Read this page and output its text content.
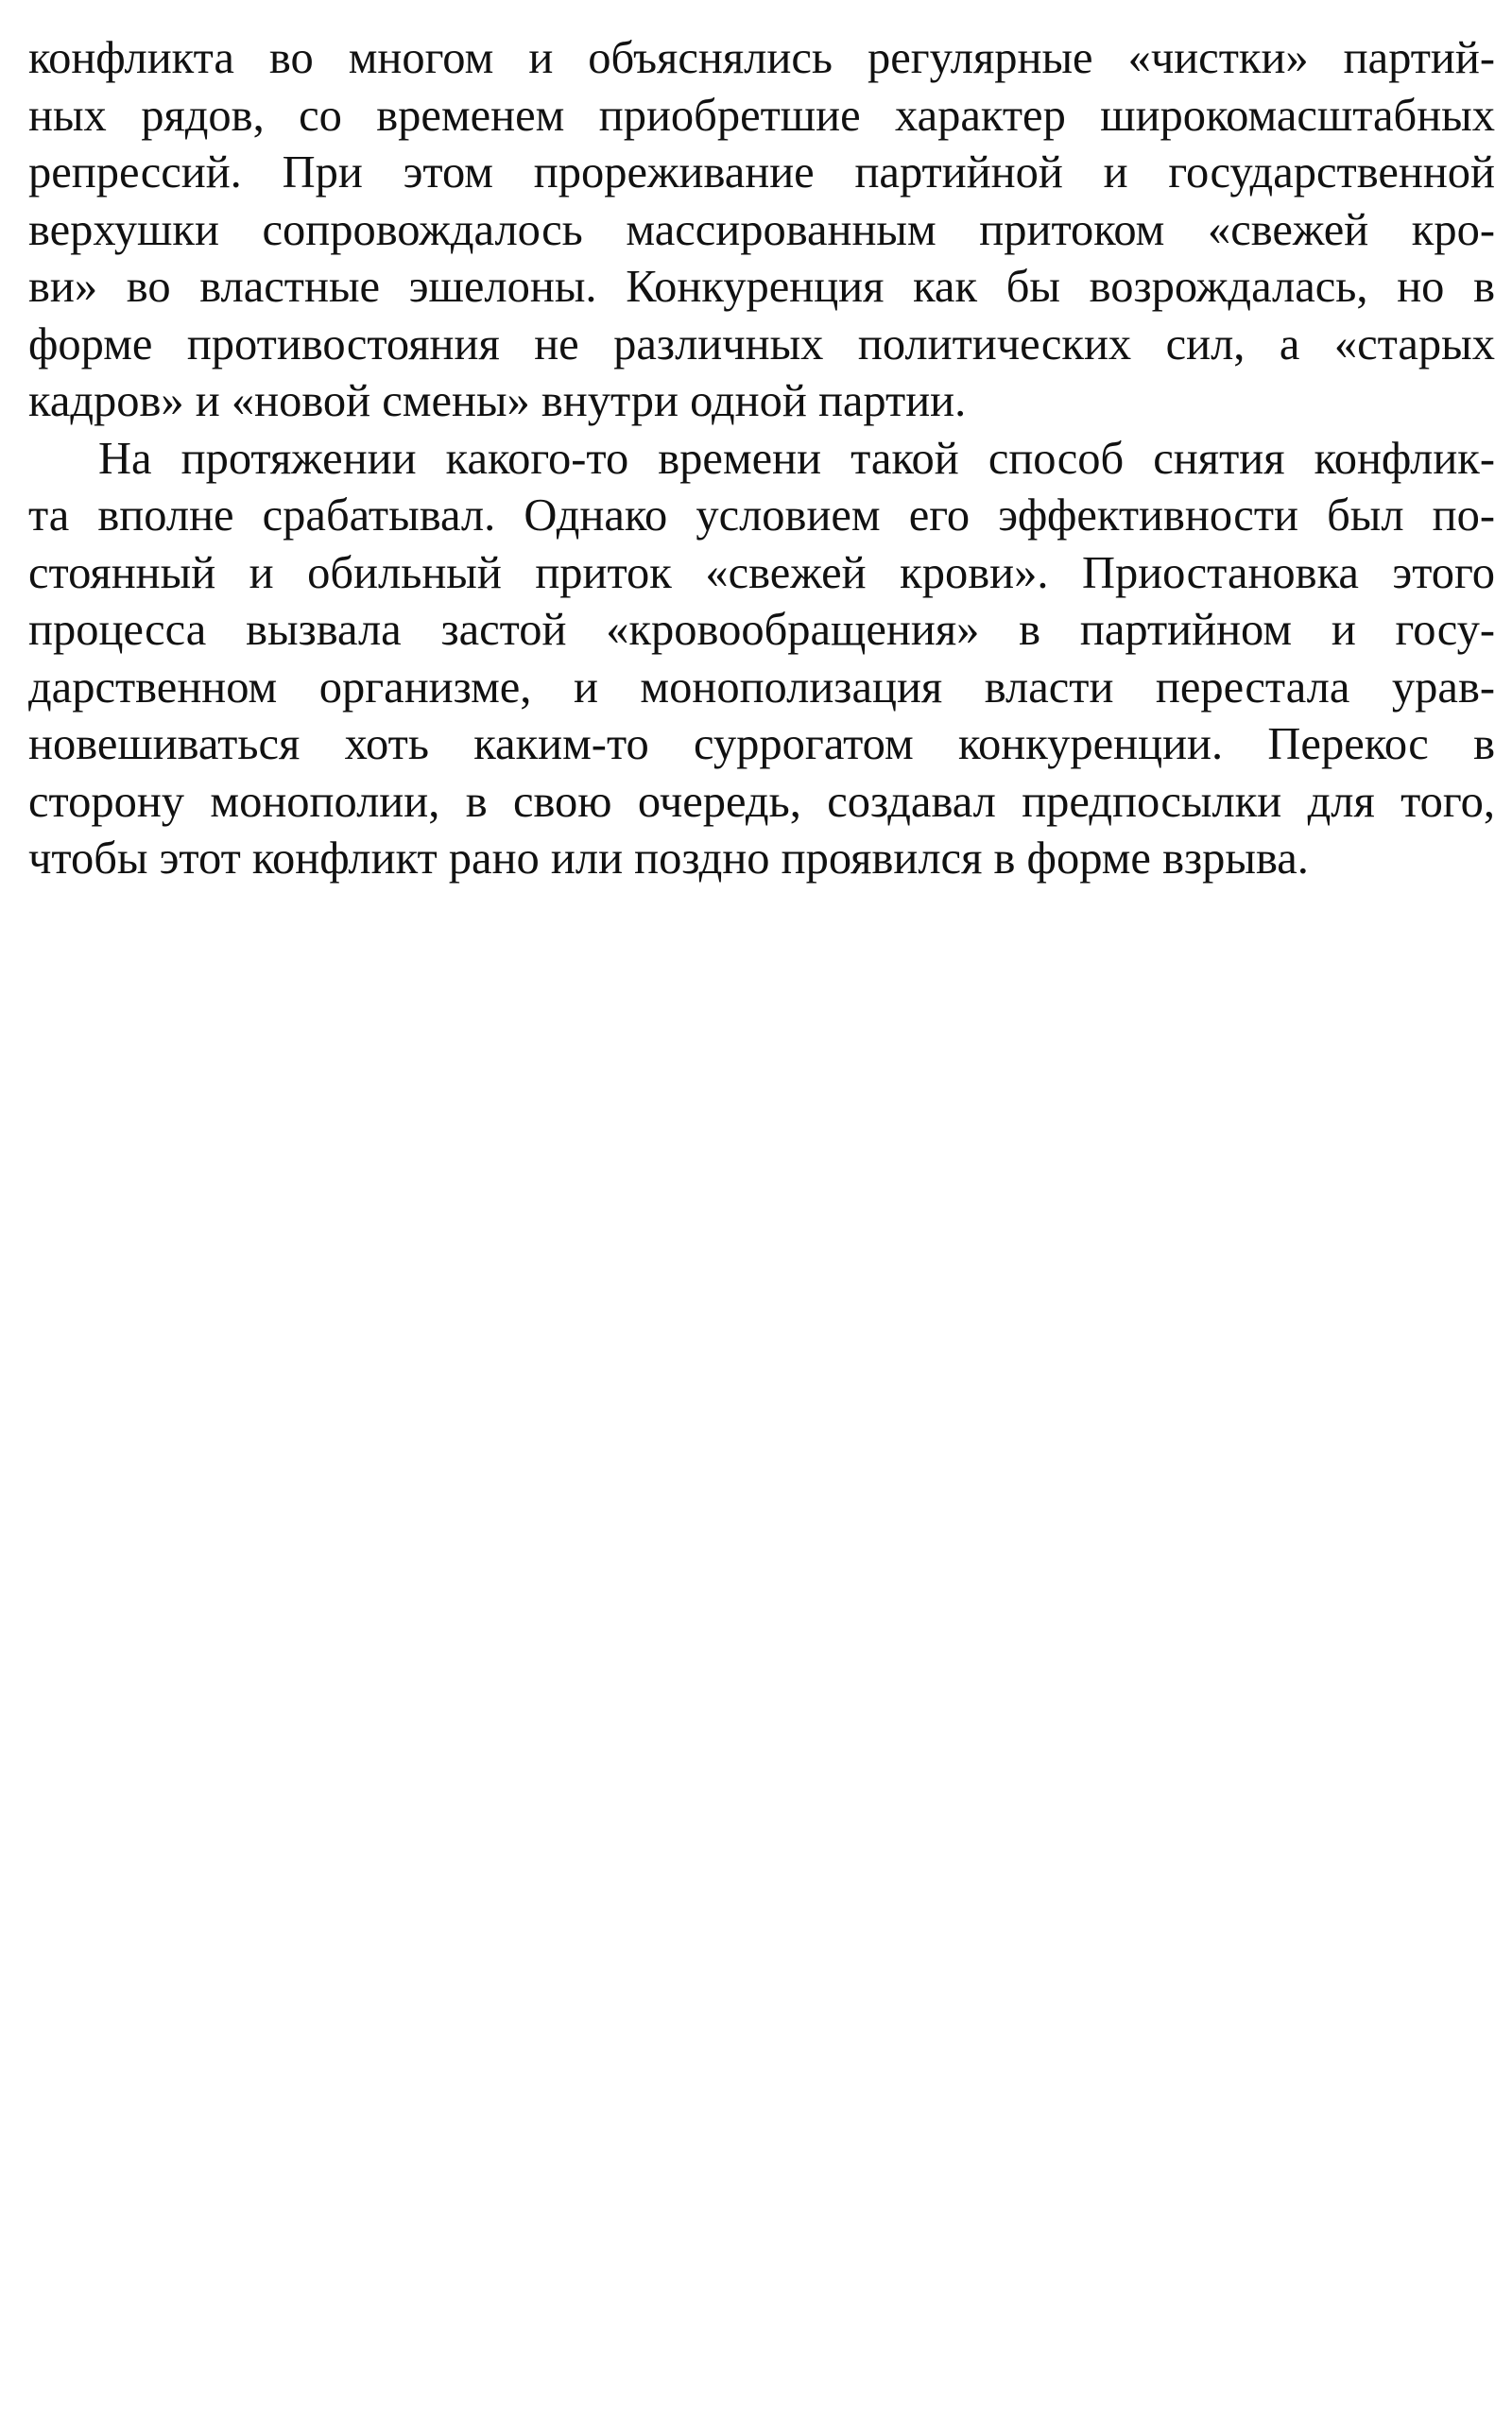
конфликта во многом и объяснялись регулярные «чистки» партий-
ных рядов, со временем приобретшие характер широкомасштабных
репрессий. При этом прореживание партийной и государственной
верхушки сопровождалось массированным притоком «свежей кро-
ви» во властные эшелоны. Конкуренция как бы возрождалась, но в
форме противостояния не различных политических сил, а «старых
кадров» и «новой смены» внутри одной партии.
На протяжении какого-то времени такой способ снятия конфлик-
та вполне срабатывал. Однако условием его эффективности был по-
стоянный и обильный приток «свежей крови». Приостановка этого
процесса вызвала застой «кровообращения» в партийном и госу-
дарственном организме, и монополизация власти перестала урав-
новешиваться хоть каким-то суррогатом конкуренции. Перекос в
сторону монополии, в свою очередь, создавал предпосылки для того,
чтобы этот конфликт рано или поздно проявился в форме взрыва.
